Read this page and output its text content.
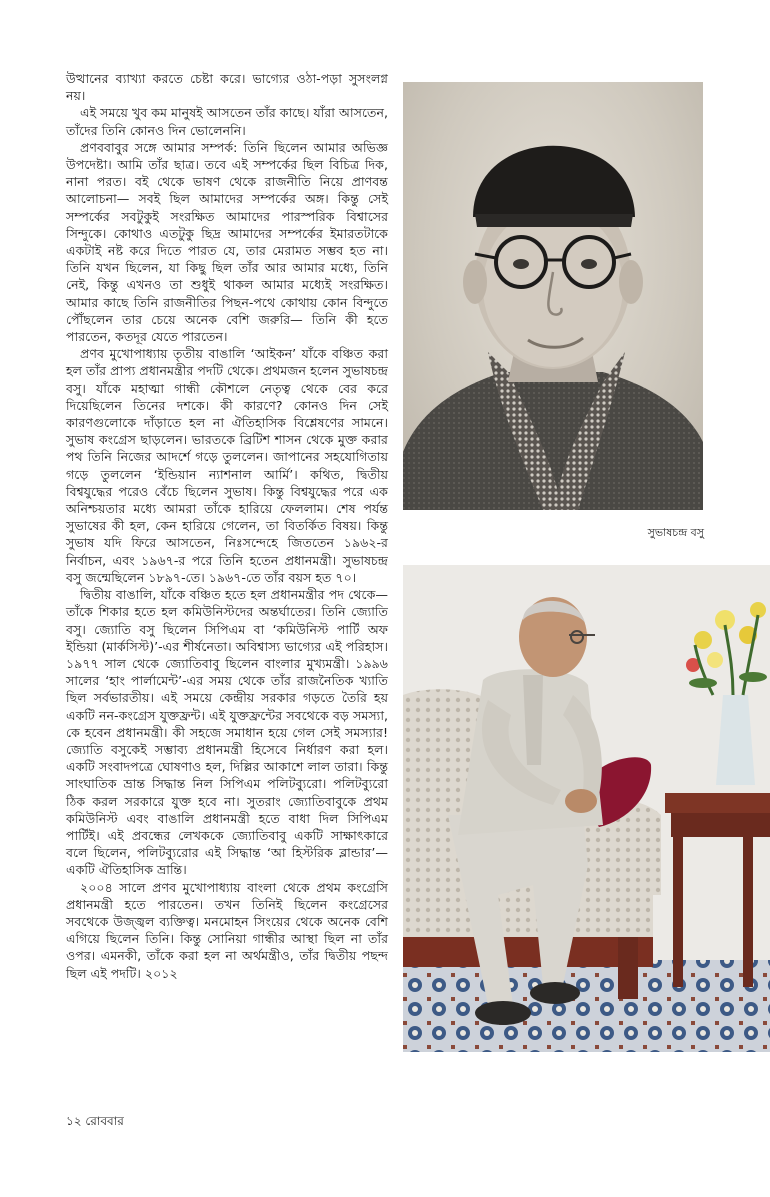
উত্থানের ব্যাখ্যা করতে চেষ্টা করে। ভাগ্যের ওঠা-পড়া সুসংলগ্ন নয়।

এই সময়ে খুব কম মানুষই আসতেন তাঁর কাছে। যাঁরা আসতেন, তাঁদের তিনি কোনও দিন ভোলেননি।

প্রণববাবুর সঙ্গে আমার সম্পর্ক: তিনি ছিলেন আমার অভিজ্ঞ উপদেষ্টা। আমি তাঁর ছাত্র। তবে এই সম্পর্কের ছিল বিচিত্র দিক, নানা পরত। বই থেকে ভাষণ থেকে রাজনীতি নিয়ে প্রাণবন্ত আলোচনা— সবই ছিল আমাদের সম্পর্কের অঙ্গ। কিন্তু সেই সম্পর্কের সবটুকুই সংরক্ষিত আমাদের পারস্পরিক বিশ্বাসের সিন্দুকে। কোথাও এতটুকু ছিদ্র আমাদের সম্পর্কের ইমারতটাকে একটাই নষ্ট করে দিতে পারত যে, তার মেরামত সম্ভব হত না। তিনি যখন ছিলেন, যা কিছু ছিল তাঁর আর আমার মধ্যে, তিনি নেই, কিন্তু এখনও তা শুধুই থাকল আমার মধ্যেই সংরক্ষিত। আমার কাছে তিনি রাজনীতির পিছন-পথে কোথায় কোন বিন্দুতে পৌঁছলেন তার চেয়ে অনেক বেশি জরুরি— তিনি কী হতে পারতেন, কতদূর যেতে পারতেন।

প্রণব মুখোপাধ্যায় তৃতীয় বাঙালি ‘আইকন’ যাঁকে বঞ্চিত করা হল তাঁর প্রাপ্য প্রধানমন্ত্রীর পদটি থেকে। প্রথমজন হলেন সুভাষচন্দ্র বসু। যাঁকে মহাত্মা গান্ধী কৌশলে নেতৃত্ব থেকে বের করে দিয়েছিলেন তিনের দশকে। কী কারণে? কোনও দিন সেই কারণগুলোকে দাঁড়াতে হল না ঐতিহাসিক বিশ্লেষণের সামনে। সুভাষ কংগ্রেস ছাড়লেন। ভারতকে ব্রিটিশ শাসন থেকে মুক্ত করার পথ তিনি নিজের আদর্শে গড়ে তুললেন। জাপানের সহযোগিতায় গড়ে তুললেন ‘ইন্ডিয়ান ন্যাশনাল আর্মি’। কথিত, দ্বিতীয় বিশ্বযুদ্ধের পরেও বেঁচে ছিলেন সুভাষ। কিন্তু বিশ্বযুদ্ধের পরে এক অনিশ্চয়তার মধ্যে আমরা তাঁকে হারিয়ে ফেললাম। শেষ পর্যন্ত সুভাষের কী হল, কেন হারিয়ে গেলেন, তা বিতর্কিত বিষয়। কিন্তু সুভাষ যদি ফিরে আসতেন, নিঃসন্দেহে জিততেন ১৯৬২-র নির্বাচন, এবং ১৯৬৭-র পরে তিনি হতেন প্রধানমন্ত্রী। সুভাষচন্দ্র বসু জন্মেছিলেন ১৮৯৭-তে। ১৯৬৭-তে তাঁর বয়স হত ৭০।

দ্বিতীয় বাঙালি, যাঁকে বঞ্চিত হতে হল প্রধানমন্ত্রীর পদ থেকে— তাঁকে শিকার হতে হল কমিউনিস্টদের অন্তর্ঘাতের। তিনি জ্যোতি বসু। জ্যোতি বসু ছিলেন সিপিএম বা ‘কমিউনিস্ট পার্টি অফ ইন্ডিয়া (মার্কসিস্ট)’-এর শীর্ষনেতা। অবিশ্বাস্য ভাগ্যের এই পরিহাস। ১৯৭৭ সাল থেকে জ্যোতিবাবু ছিলেন বাংলার মুখ্যমন্ত্রী। ১৯৯৬ সালের ‘হাং পার্লামেন্ট’-এর সময় থেকে তাঁর রাজনৈতিক খ্যাতি ছিল সর্বভারতীয়। এই সময়ে কেন্দ্রীয় সরকার গড়তে তৈরি হয় একটি নন-কংগ্রেস যুক্তফ্রন্ট। এই যুক্তফ্রন্টের সবথেকে বড় সমস্যা, কে হবেন প্রধানমন্ত্রী। কী সহজে সমাধান হয়ে গেল সেই সমস্যার! জ্যোতি বসুকেই সম্ভাব্য প্রধানমন্ত্রী হিসেবে নির্ধারণ করা হল। একটি সংবাদপত্রে ঘোষণাও হল, দিল্লির আকাশে লাল তারা। কিন্তু সাংঘাতিক ভ্রান্ত সিদ্ধান্ত নিল সিপিএম পলিটব্যুরো। পলিটব্যুরো ঠিক করল সরকারে যুক্ত হবে না। সুতরাং জ্যোতিবাবুকে প্রথম কমিউনিস্ট এবং বাঙালি প্রধানমন্ত্রী হতে বাধা দিল সিপিএম পার্টিই। এই প্রবন্ধের লেখককে জ্যোতিবাবু একটি সাক্ষাৎকারে বলে ছিলেন, পলিটব্যুরোর এই সিদ্ধান্ত ‘আ হিস্টরিক ব্লান্ডার’— একটি ঐতিহাসিক ভ্রান্তি।

২০০৪ সালে প্রণব মুখোপাধ্যায় বাংলা থেকে প্রথম কংগ্রেসি প্রধানমন্ত্রী হতে পারতেন। তখন তিনিই ছিলেন কংগ্রেসের সবথেকে উজ্জ্বল ব্যক্তিত্ব। মনমোহন সিংয়ের থেকে অনেক বেশি এগিয়ে ছিলেন তিনি। কিন্তু সোনিয়া গান্ধীর আস্থা ছিল না তাঁর ওপর। এমনকী, তাঁকে করা হল না অর্থমন্ত্রীও, তাঁর দ্বিতীয় পছন্দ ছিল এই পদটি। ২০১২

সুভাষচন্দ্র বসু
১২ রোববার
